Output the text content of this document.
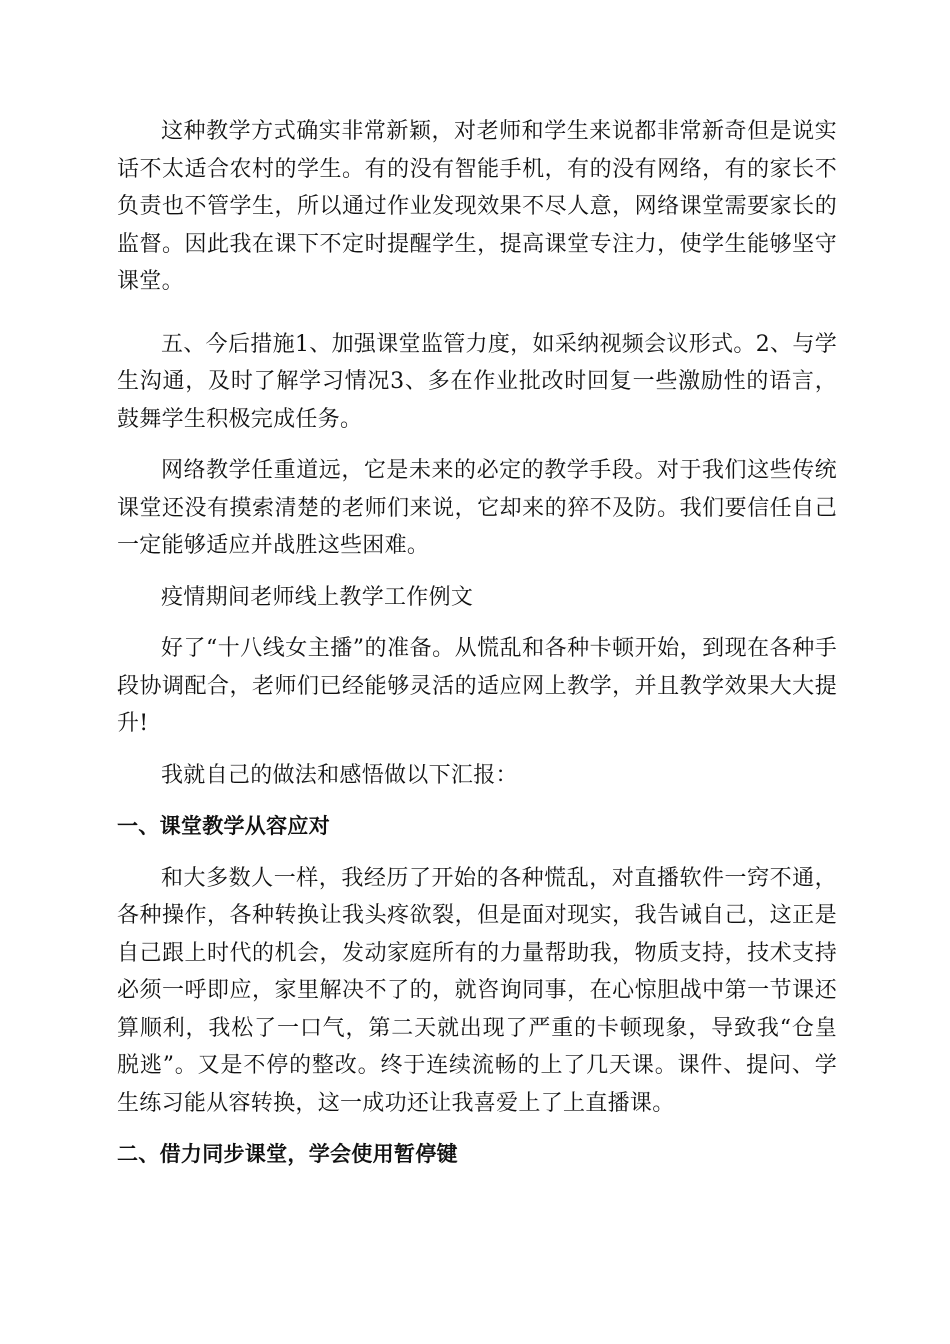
这种教学方式确实非常新颖，对老师和学生来说都非常新奇但是说实话不太适合农村的学生。有的没有智能手机，有的没有网络，有的家长不负责也不管学生，所以通过作业发现效果不尽人意，网络课堂需要家长的监督。因此我在课下不定时提醒学生，提高课堂专注力，使学生能够坚守课堂。

五、今后措施1、加强课堂监管力度，如采纳视频会议形式。2、与学生沟通，及时了解学习情况3、多在作业批改时回复一些激励性的语言，鼓舞学生积极完成任务。

网络教学任重道远，它是未来的必定的教学手段。对于我们这些传统课堂还没有摸索清楚的老师们来说，它却来的猝不及防。我们要信任自己一定能够适应并战胜这些困难。

疫情期间老师线上教学工作例文

好了“十八线女主播”的准备。从慌乱和各种卡顿开始，到现在各种手段协调配合，老师们已经能够灵活的适应网上教学，并且教学效果大大提升!

我就自己的做法和感悟做以下汇报：

一、课堂教学从容应对

和大多数人一样，我经历了开始的各种慌乱，对直播软件一窍不通，各种操作，各种转换让我头疼欲裂，但是面对现实，我告诫自己，这正是自己跟上时代的机会，发动家庭所有的力量帮助我，物质支持，技术支持必须一呼即应，家里解决不了的，就咨询同事，在心惊胆战中第一节课还算顺利，我松了一口气，第二天就出现了严重的卡顿现象，导致我“仓皇脱逃”。又是不停的整改。终于连续流畅的上了几天课。课件、提问、学生练习能从容转换，这一成功还让我喜爱上了上直播课。

二、借力同步课堂，学会使用暂停键
